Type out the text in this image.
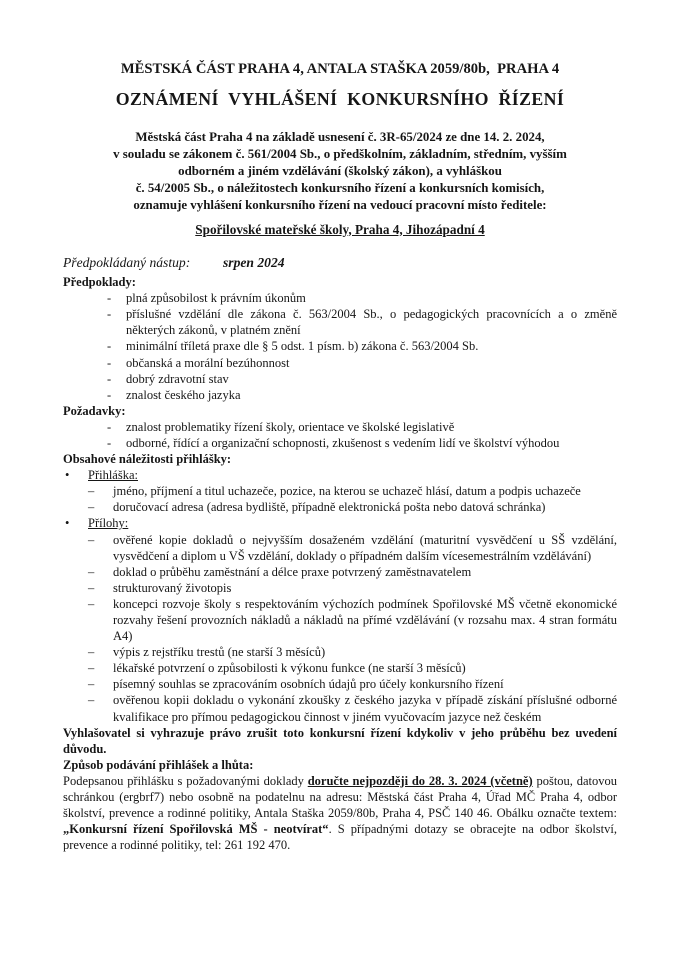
MĚSTSKÁ ČÁST PRAHA 4, ANTALA STAŠKA 2059/80b,  PRAHA 4
OZNÁMENÍ  VYHLÁŠENÍ  KONKURSNÍHO  ŘÍZENÍ
Městská část Praha 4 na základě usnesení č. 3R-65/2024 ze dne 14. 2. 2024,
v souladu se zákonem č. 561/2004 Sb., o předškolním, základním, středním, vyšším
odborném a jiném vzdělávání (školský zákon), a vyhláškou
č. 54/2005 Sb., o náležitostech konkursního řízení a konkursních komisích,
oznamuje vyhlášení konkursního řízení na vedoucí pracovní místo ředitele:
Spořilovské mateřské školy, Praha 4, Jihozápadní 4
Předpokládaný nástup: srpen 2024
Předpoklady:
- plná způsobilost k právním úkonům
- příslušné vzdělání dle zákona č. 563/2004 Sb., o pedagogických pracovnících a o změně některých zákonů, v platném znění
- minimální tříletá praxe dle § 5 odst. 1 písm. b) zákona č. 563/2004 Sb.
- občanská a morální bezúhonnost
- dobrý zdravotní stav
- znalost českého jazyka
Požadavky:
- znalost problematiky řízení školy, orientace ve školské legislativě
- odborné, řídící a organizační schopnosti, zkušenost s vedením lidí ve školství výhodou
Obsahové náležitosti přihlášky:
• Přihláška:
– jméno, příjmení a titul uchazeče, pozice, na kterou se uchazeč hlásí, datum a podpis uchazeče
– doručovací adresa (adresa bydliště, případně elektronická pošta nebo datová schránka)
• Přílohy:
– ověřené kopie dokladů o nejvyšším dosaženém vzdělání (maturitní vysvědčení u SŠ vzdělání, vysvědčení a diplom u VŠ vzdělání, doklady o případném dalším vícesemestrálním vzdělávání)
– doklad o průběhu zaměstnání a délce praxe potvrzený zaměstnavatelem
– strukturovaný životopis
– koncepci rozvoje školy s respektováním výchozích podmínek Spořilovské MŠ včetně ekonomické rozvahy řešení provozních nákladů a nákladů na přímé vzdělávání (v rozsahu max. 4 stran formátu A4)
– výpis z rejstříku trestů (ne starší 3 měsíců)
– lékařské potvrzení o způsobilosti k výkonu funkce (ne starší 3 měsíců)
– písemný souhlas se zpracováním osobních údajů pro účely konkursního řízení
– ověřenou kopii dokladu o vykonání zkoušky z českého jazyka v případě získání příslušné odborné kvalifikace pro přímou pedagogickou činnost v jiném vyučovacím jazyce než českém

Vyhlašovatel si vyhrazuje právo zrušit toto konkursní řízení kdykoliv v jeho průběhu bez uvedení důvodu.

Způsob podávání přihlášek a lhůta:

Podepsanou přihlášku s požadovanými doklady doručte nejpozději do 28. 3. 2024 (včetně) poštou, datovou schránkou (ergbrf7) nebo osobně na podatelnu na adresu: Městská část Praha 4, Úřad MČ Praha 4, odbor školství, prevence a rodinné politiky, Antala Staška 2059/80b, Praha 4, PSČ 140 46. Obálku označte textem: „Konkursní řízení Spořilovská MŠ - neotvírat“. S případnými dotazy se obracejte na odbor školství, prevence a rodinné politiky, tel: 261 192 470.
